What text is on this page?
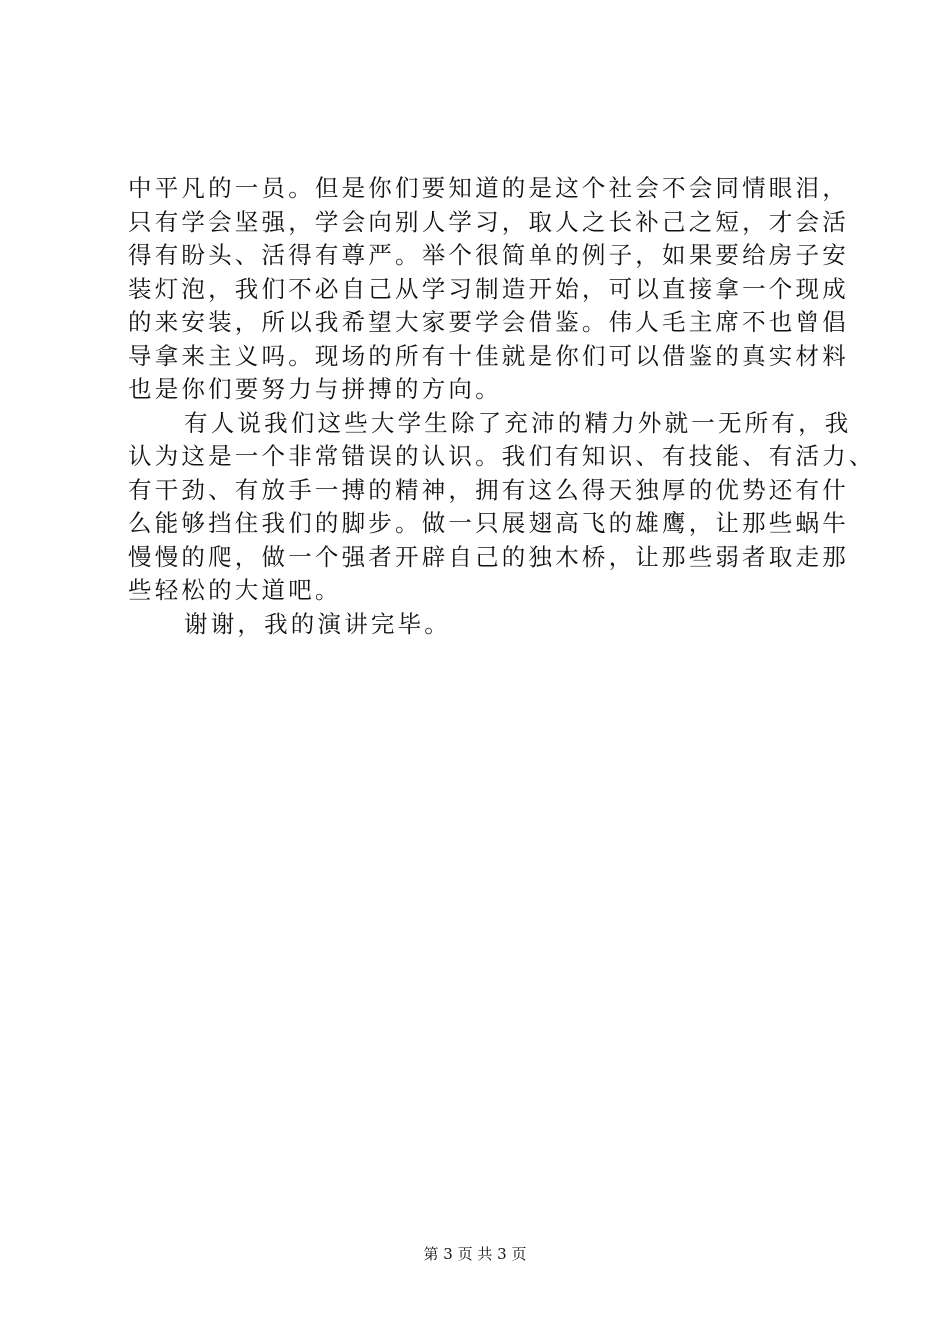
中平凡的一员。但是你们要知道的是这个社会不会同情眼泪，
只有学会坚强，学会向别人学习，取人之长补己之短，才会活
得有盼头、活得有尊严。举个很简单的例子，如果要给房子安
装灯泡，我们不必自己从学习制造开始，可以直接拿一个现成
的来安装，所以我希望大家要学会借鉴。伟人毛主席不也曾倡
导拿来主义吗。现场的所有十佳就是你们可以借鉴的真实材料
也是你们要努力与拼搏的方向。
有人说我们这些大学生除了充沛的精力外就一无所有，我
认为这是一个非常错误的认识。我们有知识、有技能、有活力、
有干劲、有放手一搏的精神，拥有这么得天独厚的优势还有什
么能够挡住我们的脚步。做一只展翅高飞的雄鹰，让那些蜗牛
慢慢的爬，做一个强者开辟自己的独木桥，让那些弱者取走那
些轻松的大道吧。
谢谢，我的演讲完毕。
第 3 页 共 3 页
